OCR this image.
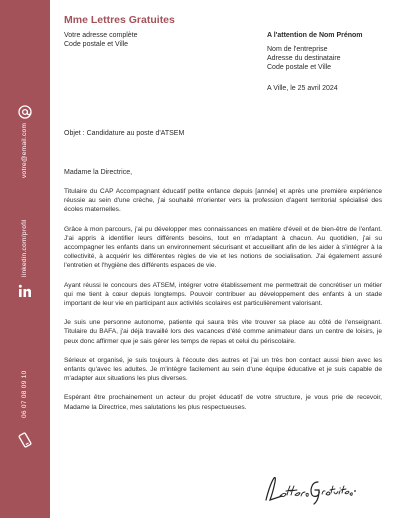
votre@email.com
linkedin.com/profil
06 07 08 09 10
Mme Lettres Gratuites
Votre adresse complète
Code postale et Ville
A l'attention de Nom Prénom
Nom de l'entreprise
Adresse du destinataire
Code postale et Ville
A Ville, le 25 avril 2024
Objet : Candidature au poste d'ATSEM
Madame la Directrice,

Titulaire du CAP Accompagnant éducatif petite enfance depuis [année] et après une première expérience réussie au sein d'une crèche, j'ai souhaité m'orienter vers la profession d'agent territorial spécialisé des écoles maternelles.

Grâce à mon parcours, j'ai pu développer mes connaissances en matière d'éveil et de bien-être de l'enfant. J'ai appris à identifier leurs différents besoins, tout en m'adaptant à chacun. Au quotidien, j'ai su accompagner les enfants dans un environnement sécurisant et accueillant afin de les aider à s'intégrer à la collectivité, à acquérir les différentes règles de vie et les notions de socialisation. J'ai également assuré l'entretien et l'hygiène des différents espaces de vie.

Ayant réussi le concours des ATSEM, intégrer votre établissement me permettrait de concrétiser un métier qui me tient à cœur depuis longtemps. Pouvoir contribuer au développement des enfants à un stade important de leur vie en participant aux activités scolaires est particulièrement valorisant.

Je suis une personne autonome, patiente qui saura très vite trouver sa place au côté de l'enseignant. Titulaire du BAFA, j'ai déjà travaillé lors des vacances d'été comme animateur dans un centre de loisirs, je peux donc affirmer que je sais gérer les temps de repas et celui du périscolaire.

Sérieux et organisé, je suis toujours à l'écoute des autres et j'ai un très bon contact aussi bien avec les enfants qu'avec les adultes. Je m'intègre facilement au sein d'une équipe éducative et je suis capable de m'adapter aux situations les plus diverses.

Espérant être prochainement un acteur du projet éducatif de votre structure, je vous prie de recevoir, Madame la Directrice, mes salutations les plus respectueuses.
